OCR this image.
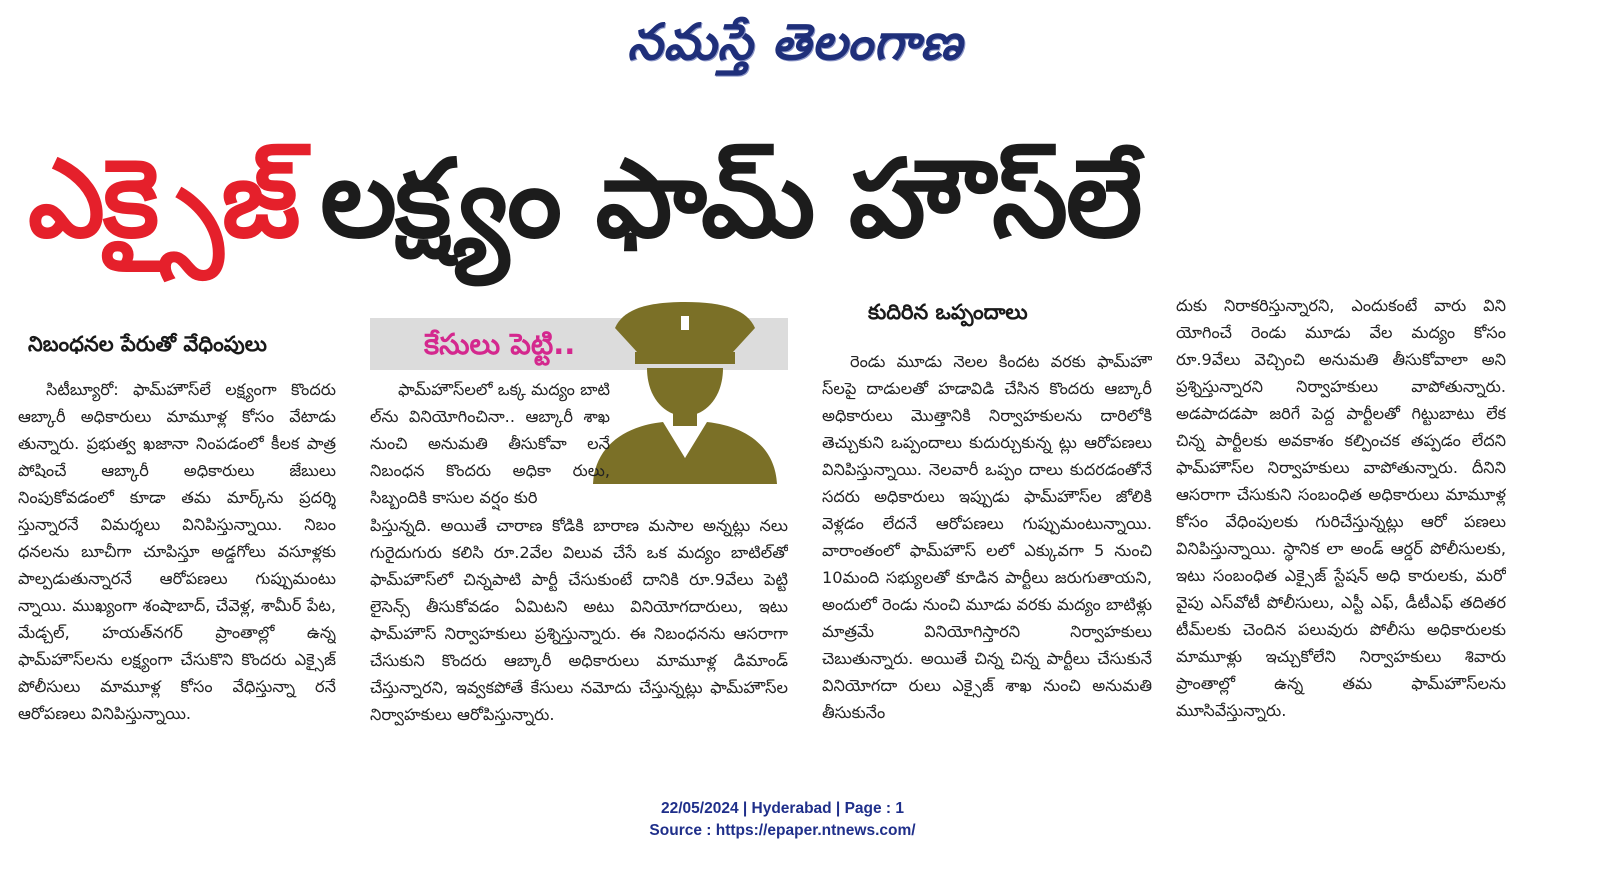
నమస్తే తెలంగాణ
ఎక్సైజ్ లక్ష్యం ఫామ్ హౌస్‌లే
నిబంధనల పేరుతో వేధింపులు

సిటీబ్యూరో: ఫామ్‌హౌస్‌లే లక్ష్యంగా కొందరు ఆబ్కారీ అధికారులు మామూళ్ల కోసం వేటాడు తున్నారు. ప్రభుత్వ ఖజానా నింపడంలో కీలక పాత్ర పోషించే ఆబ్కారీ అధికారులు జేబులు నింపుకోవడంలో కూడా తమ మార్క్‌ను ప్రదర్శి స్తున్నారనే విమర్శలు వినిపిస్తున్నాయి. నిబం ధనలను బూచీగా చూపిస్తూ అడ్డగోలు వసూళ్లకు పాల్పడుతున్నారనే ఆరోపణలు గుప్పుమంటు న్నాయి. ముఖ్యంగా శంషాబాద్, చేవెళ్ల, శామీర్ పేట, మేడ్చల్, హయత్‌నగర్ ప్రాంతాల్లో ఉన్న ఫామ్‌హౌస్‌లను లక్ష్యంగా చేసుకొని కొందరు ఎక్సైజ్ పోలీసులు మామూళ్ల కోసం వేధిస్తున్నా రనే ఆరోపణలు వినిపిస్తున్నాయి.

కేసులు పెట్టి..

ఫామ్‌హౌస్‌లలో ఒక్క మద్యం బాటి ల్‌ను వినియోగించినా.. ఆబ్కారీ శాఖ నుంచి అనుమతి తీసుకోవా లనే నిబంధన కొందరు అధికా రులు, సిబ్బందికి కాసుల వర్షం కురి

పిస్తున్నది. అయితే చారాణ కోడికి బారాణ మసాల అన్నట్లు నలు గురైదుగురు కలిసి రూ.2వేల విలువ చేసే ఒక మద్యం బాటిల్‌తో ఫామ్‌హౌస్‌లో చిన్నపాటి పార్టీ చేసుకుంటే దానికి రూ.9వేలు పెట్టి లైసెన్స్ తీసుకోవడం ఏమిటని అటు వినియోగదారులు, ఇటు ఫామ్‌హౌస్ నిర్వాహకులు ప్రశ్నిస్తున్నారు. ఈ నిబంధనను ఆసరాగా చేసుకుని కొందరు ఆబ్కారీ అధికారులు మామూళ్ల డిమాండ్ చేస్తున్నారని, ఇవ్వకపోతే కేసులు నమోదు చేస్తున్నట్లు ఫామ్‌హౌస్‌ల నిర్వాహకులు ఆరోపిస్తున్నారు.

కుదిరిన ఒప్పందాలు

రెండు మూడు నెలల కిందట వరకు ఫామ్‌హౌ స్‌లపై దాడులతో హడావిడి చేసిన కొందరు ఆబ్కారీ అధికారులు మొత్తానికి నిర్వాహకులను దారిలోకి తెచ్చుకుని ఒప్పందాలు కుదుర్చుకున్న ట్లు ఆరోపణలు వినిపిస్తున్నాయి. నెలవారీ ఒప్పం దాలు కుదరడంతోనే సదరు అధికారులు ఇప్పుడు ఫామ్‌హౌస్‌ల జోలికి వెళ్లడం లేదనే ఆరోపణలు గుప్పుమంటున్నాయి. వారాంతంలో ఫామ్‌హౌస్ లలో ఎక్కువగా 5 నుంచి 10మంది సభ్యులతో కూడిన పార్టీలు జరుగుతాయని, అందులో రెండు నుంచి మూడు వరకు మద్యం బాటిళ్లు మాత్రమే వినియోగిస్తారని నిర్వాహకులు చెబుతున్నారు. అయితే చిన్న చిన్న పార్టీలు చేసుకునే వినియోగదా రులు ఎక్సైజ్ శాఖ నుంచి అనుమతి తీసుకునేం

దుకు నిరాకరిస్తున్నారని, ఎందుకంటే వారు విని యోగించే రెండు మూడు వేల మద్యం కోసం రూ.9వేలు వెచ్చించి అనుమతి తీసుకోవాలా అని ప్రశ్నిస్తున్నారని నిర్వాహకులు వాపోతున్నారు. అడపాదడపా జరిగే పెద్ద పార్టీలతో గిట్టుబాటు లేక చిన్న పార్టీలకు అవకాశం కల్పించక తప్పడం లేదని ఫామ్‌హౌస్‌ల నిర్వాహకులు వాపోతున్నారు. దీనిని ఆసరాగా చేసుకుని సంబంధిత అధికారులు మామూళ్ల కోసం వేధింపులకు గురిచేస్తున్నట్లు ఆరో పణలు వినిపిస్తున్నాయి. స్థానిక లా అండ్ ఆర్డర్ పోలీసులకు, ఇటు సంబంధిత ఎక్సైజ్ స్టేషన్ అధి కారులకు, మరో వైపు ఎస్‌వోటీ పోలీసులు, ఎస్టీ ఎఫ్, డీటీఎఫ్ తదితర టీమ్‌లకు చెందిన పలువురు పోలీసు అధికారులకు మామూళ్లు ఇచ్చుకోలేని నిర్వాహకులు శివారు ప్రాంతాల్లో ఉన్న తమ ఫామ్‌హౌస్‌లను మూసివేస్తున్నారు.

22/05/2024 | Hyderabad | Page : 1
Source : https://epaper.ntnews.com/
